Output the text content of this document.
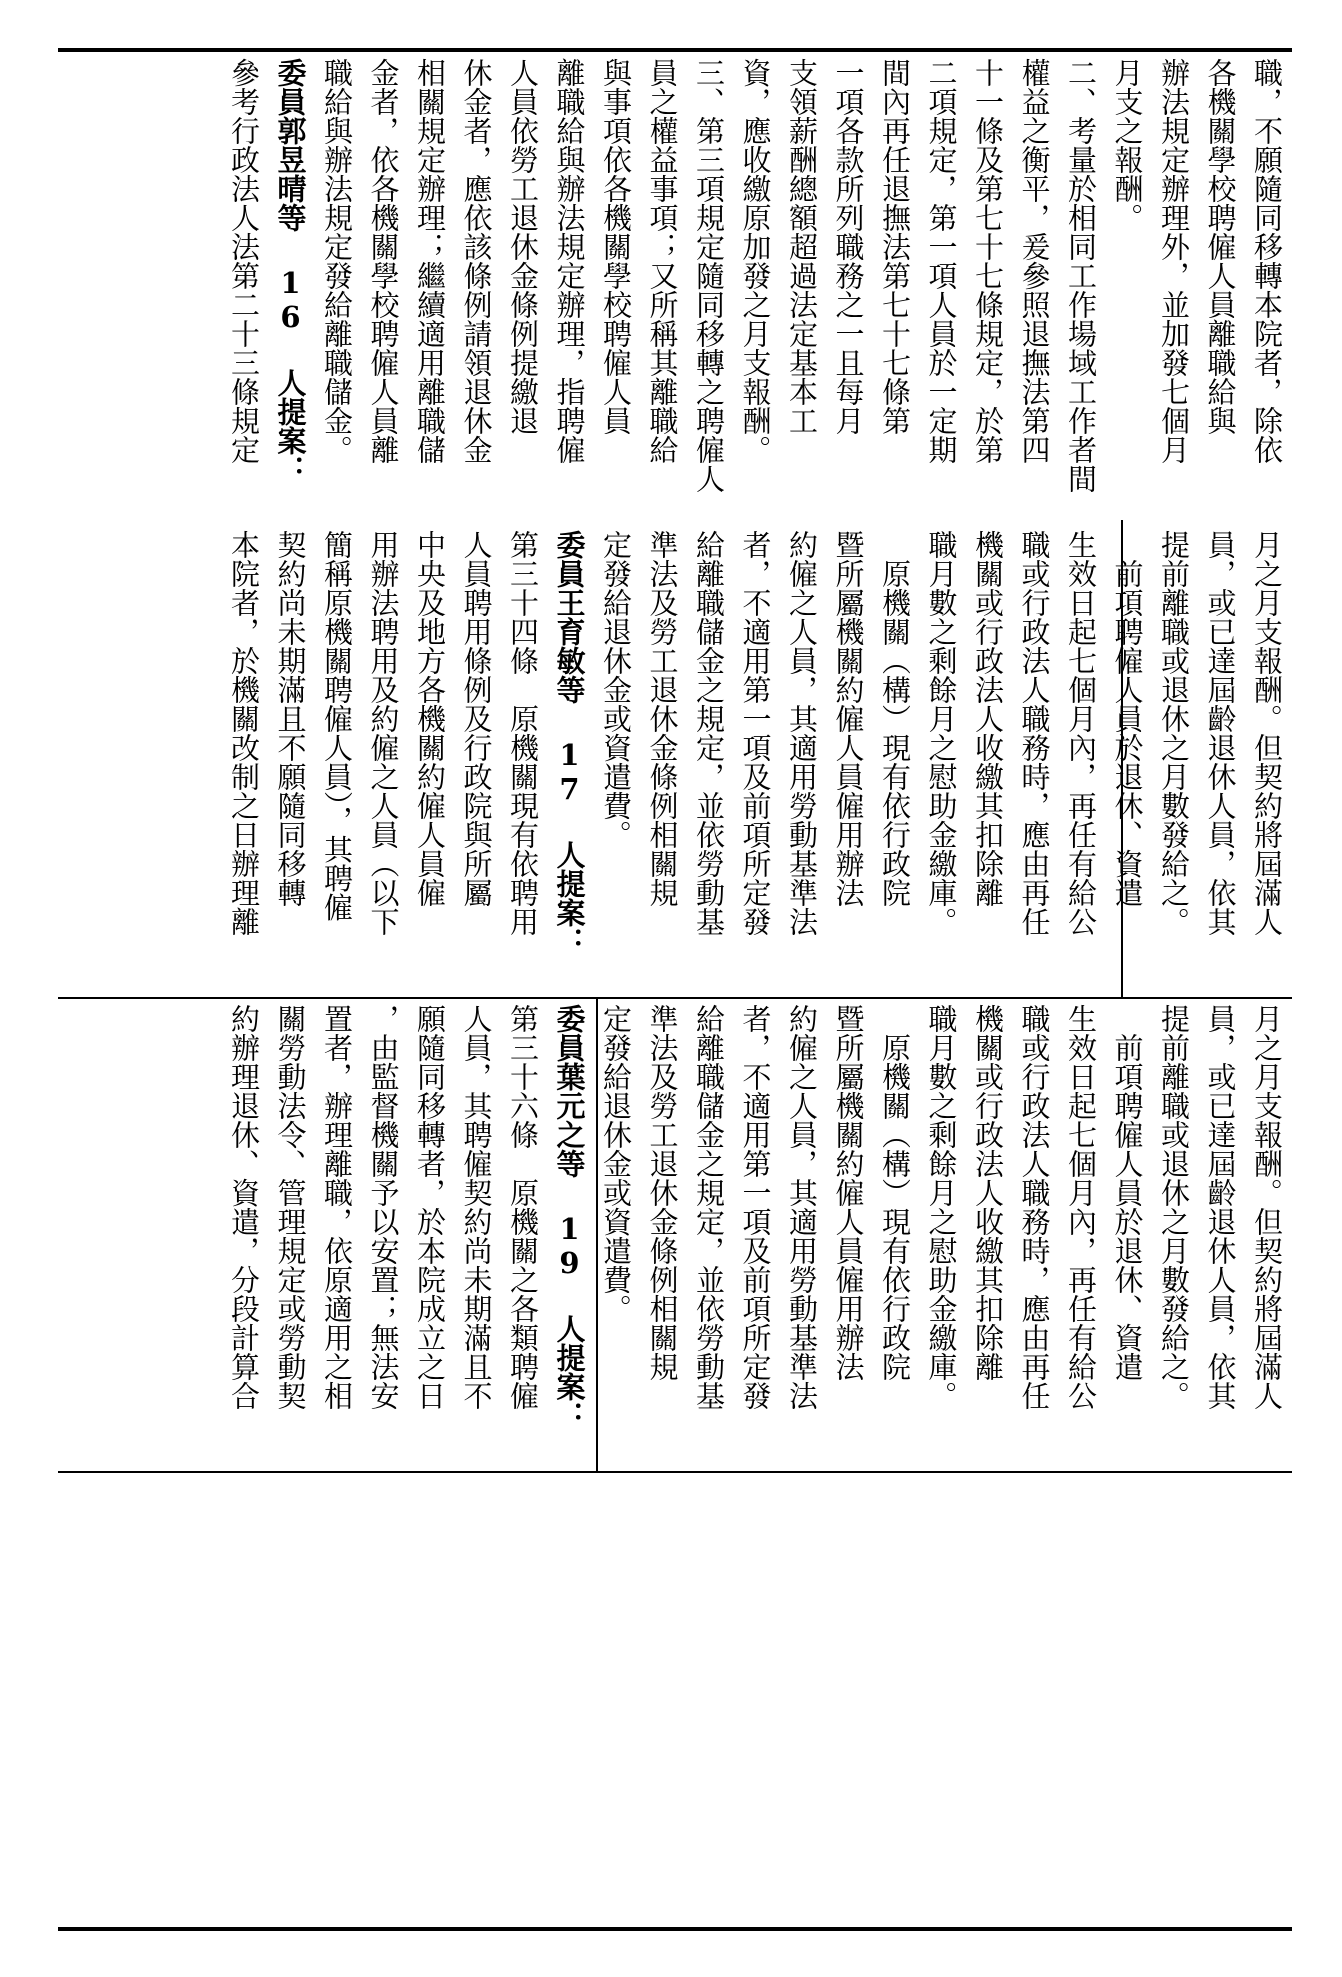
職，不願隨同移轉本院者，除依
各機關學校聘僱人員離職給與
辦法規定辦理外，並加發七個月
月支之報酬。
二、考量於相同工作場域工作者間
權益之衡平，爰參照退撫法第四
十一條及第七十七條規定，於第
二項規定，第一項人員於一定期
間內再任退撫法第七十七條第
一項各款所列職務之一且每月
支領薪酬總額超過法定基本工
資，應收繳原加發之月支報酬。
三、第三項規定隨同移轉之聘僱人
員之權益事項；又所稱其離職給
與事項依各機關學校聘僱人員
離職給與辦法規定辦理，指聘僱
人員依勞工退休金條例提繳退
休金者，應依該條例請領退休金
相關規定辦理；繼續適用離職儲
金者，依各機關學校聘僱人員離
職給與辦法規定發給離職儲金。
委員郭昱晴等 16 人提案：
參考行政法人法第二十三條規定
月之月支報酬。但契約將屆滿人
員，或已達屆齡退休人員，依其
提前離職或退休之月數發給之。
　前項聘僱人員於退休、資遣
生效日起七個月內，再任有給公
職或行政法人職務時，應由再任
機關或行政法人收繳其扣除離
職月數之剩餘月之慰助金繳庫。
　原機關（構）現有依行政院
暨所屬機關約僱人員僱用辦法
約僱之人員，其適用勞動基準法
者，不適用第一項及前項所定發
給離職儲金之規定，並依勞動基
準法及勞工退休金條例相關規
定發給退休金或資遣費。
委員王育敏等 17 人提案：
第三十四條　原機關現有依聘用
人員聘用條例及行政院與所屬
中央及地方各機關約僱人員僱
用辦法聘用及約僱之人員（以下
簡稱原機關聘僱人員），其聘僱
契約尚未期滿且不願隨同移轉
本院者，於機關改制之日辦理離
月之月支報酬。但契約將屆滿人
員，或已達屆齡退休人員，依其
提前離職或退休之月數發給之。
　前項聘僱人員於退休、資遣
生效日起七個月內，再任有給公
職或行政法人職務時，應由再任
機關或行政法人收繳其扣除離
職月數之剩餘月之慰助金繳庫。
　原機關（構）現有依行政院
暨所屬機關約僱人員僱用辦法
約僱之人員，其適用勞動基準法
者，不適用第一項及前項所定發
給離職儲金之規定，並依勞動基
準法及勞工退休金條例相關規
定發給退休金或資遣費。
委員葉元之等 19 人提案：
第三十六條　原機關之各類聘僱
人員，其聘僱契約尚未期滿且不
願隨同移轉者，於本院成立之日
，由監督機關予以安置；無法安
置者，辦理離職，依原適用之相
關勞動法令、管理規定或勞動契
約辦理退休、資遣，分段計算合
